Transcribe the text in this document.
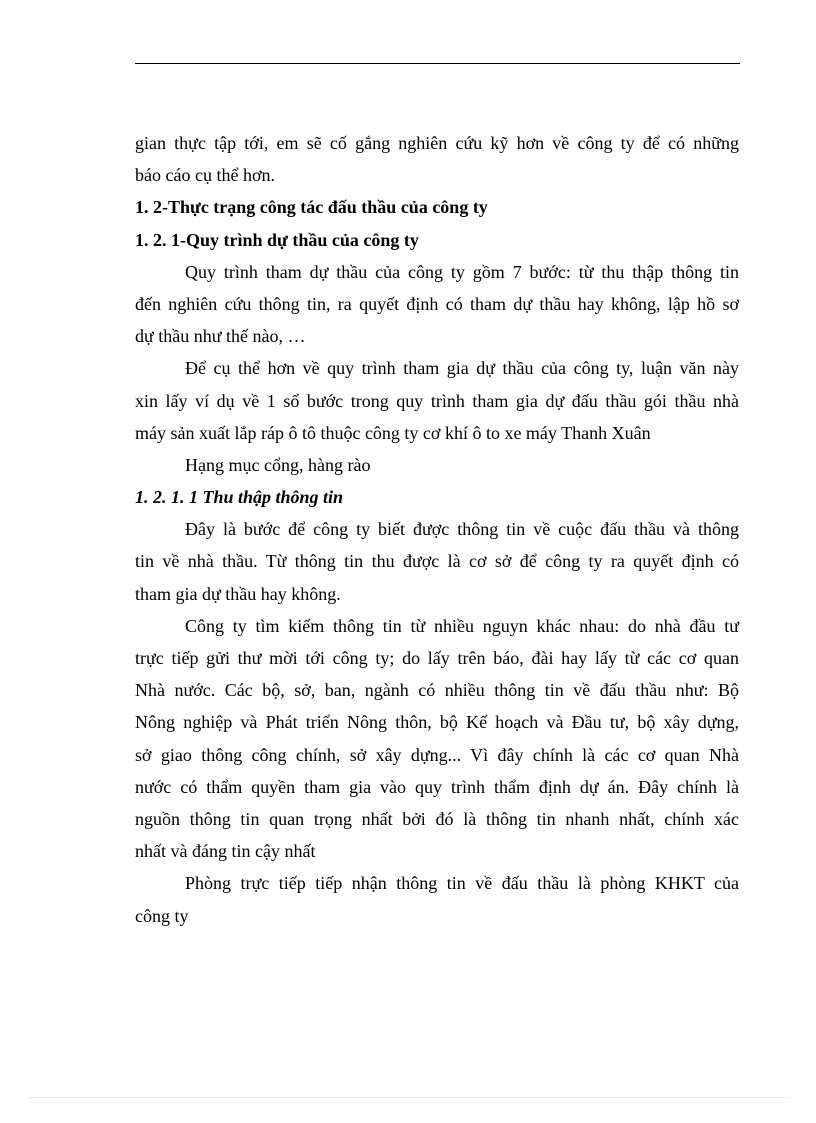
gian thực tập tới, em sẽ cố gắng nghiên cứu kỹ hơn về công ty để có những
báo cáo cụ thể hơn.
1. 2-Thực trạng công tác đấu thầu của công ty
1. 2. 1-Quy trình dự thầu của công ty
Quy trình tham dự thầu của công ty gồm 7 bước: từ thu thập thông tin
đến nghiên cứu thông tin, ra quyết định có tham dự thầu hay không, lập hồ sơ
dự thầu như thế nào, …
Để cụ thể hơn về quy trình tham gia dự thầu của công ty, luận văn này
xin lấy ví dụ về 1 số bước trong quy trình tham gia dự đấu thầu gói thầu nhà
máy sản xuất lắp ráp ô tô thuộc công ty cơ khí ô to xe máy Thanh Xuân
Hạng mục cổng, hàng rào
1. 2. 1. 1 Thu thập thông tin
Đây là bước để công ty biết được thông tin về cuộc đấu thầu và thông
tin về nhà thầu. Từ thông tin thu được là cơ sở để công ty ra quyết định có
tham gia dự thầu hay không.
Công ty tìm kiếm thông tin từ nhiều nguyn khác nhau: do nhà đầu tư
trực tiếp gửi thư mời tới công ty; do lấy trên báo, đài hay lấy từ các cơ quan
Nhà nước. Các bộ, sở, ban, ngành có nhiều thông tin về đấu thầu như: Bộ
Nông nghiệp và Phát triển Nông thôn, bộ Kế hoạch và Đầu tư, bộ xây dựng,
sở giao thông công chính, sở xây dựng... Vì đây chính là các cơ quan Nhà
nước có thẩm quyền tham gia vào quy trình thẩm định dự án. Đây chính là
nguồn thông tin quan trọng nhất bởi đó là thông tin nhanh nhất, chính xác
nhất và đáng tin cậy nhất
Phòng trực tiếp tiếp nhận thông tin về đấu thầu là phòng KHKT của
công ty
